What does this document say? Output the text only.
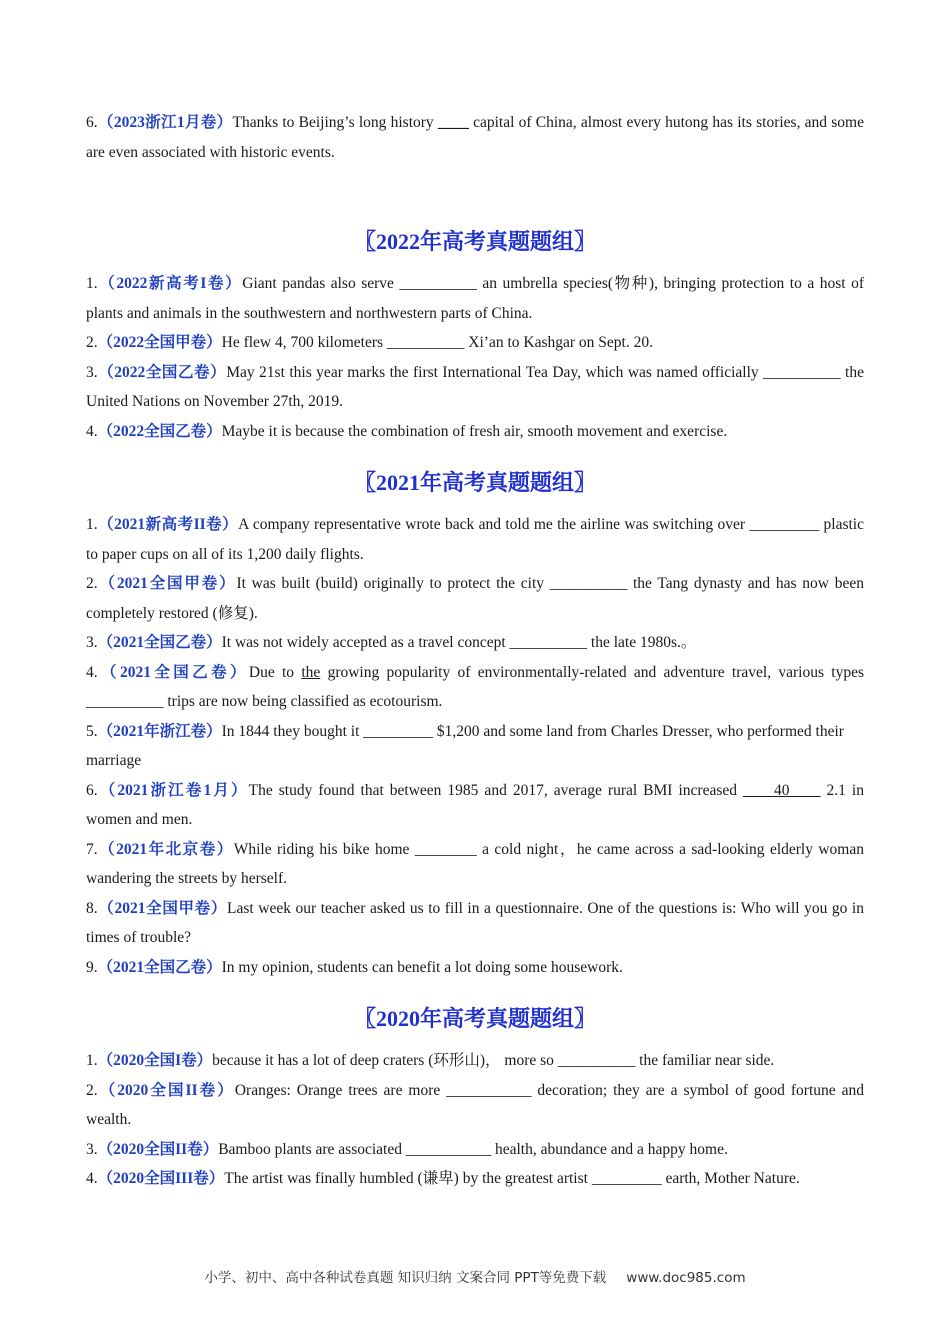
6.（2023浙江1月卷）Thanks to Beijing’s long history ____ capital of China, almost every hutong has its stories, and some are even associated with historic events.

〖2022年高考真题题组〗

1.（2022新高考I卷）Giant pandas also serve __________ an umbrella species(物种), bringing protection to a host of plants and animals in the southwestern and northwestern parts of China.

2.（2022全国甲卷）He flew 4, 700 kilometers __________ Xi’an to Kashgar on Sept. 20.

3.（2022全国乙卷）May 21st this year marks the first International Tea Day, which was named officially __________ the United Nations on November 27th, 2019.

4.（2022全国乙卷）Maybe it is because the combination of fresh air, smooth movement and exercise.

〖2021年高考真题题组〗

1.（2021新高考II卷）A company representative wrote back and told me the airline was switching over _________ plastic to paper cups on all of its 1,200 daily flights.

2.（2021全国甲卷）It was built (build) originally to protect the city __________ the Tang dynasty and has now been completely restored (修复).

3.（2021全国乙卷）It was not widely accepted as a travel concept __________ the late 1980s.。

4.（2021全国乙卷）Due to the growing popularity of environmentally-related and adventure travel, various types __________ trips are now being classified as ecotourism.

5.（2021年浙江卷）In 1844 they bought it _________ $1,200 and some land from Charles Dresser, who performed their marriage

6.（2021浙江卷1月）The study found that between 1985 and 2017, average rural BMI increased ____40____ 2.1 in women and men.

7.（2021年北京卷）While riding his bike home ________ a cold night，he came across a sad-looking elderly woman wandering the streets by herself.

8.（2021全国甲卷）Last week our teacher asked us to fill in a questionnaire. One of the questions is: Who will you go in times of trouble?

9.（2021全国乙卷）In my opinion, students can benefit a lot doing some housework.

〖2020年高考真题题组〗

1.（2020全国I卷）because it has a lot of deep craters (环形山)， more so __________ the familiar near side.

2.（2020全国II卷）Oranges: Orange trees are more ___________ decoration; they are a symbol of good fortune and wealth.

3.（2020全国II卷）Bamboo plants are associated ___________ health, abundance and a happy home.

4.（2020全国III卷）The artist was finally humbled (谦卑) by the greatest artist _________ earth, Mother Nature.

小学、初中、高中各种试卷真题 知识归纳 文案合同 PPT等免费下载 www.doc985.com
